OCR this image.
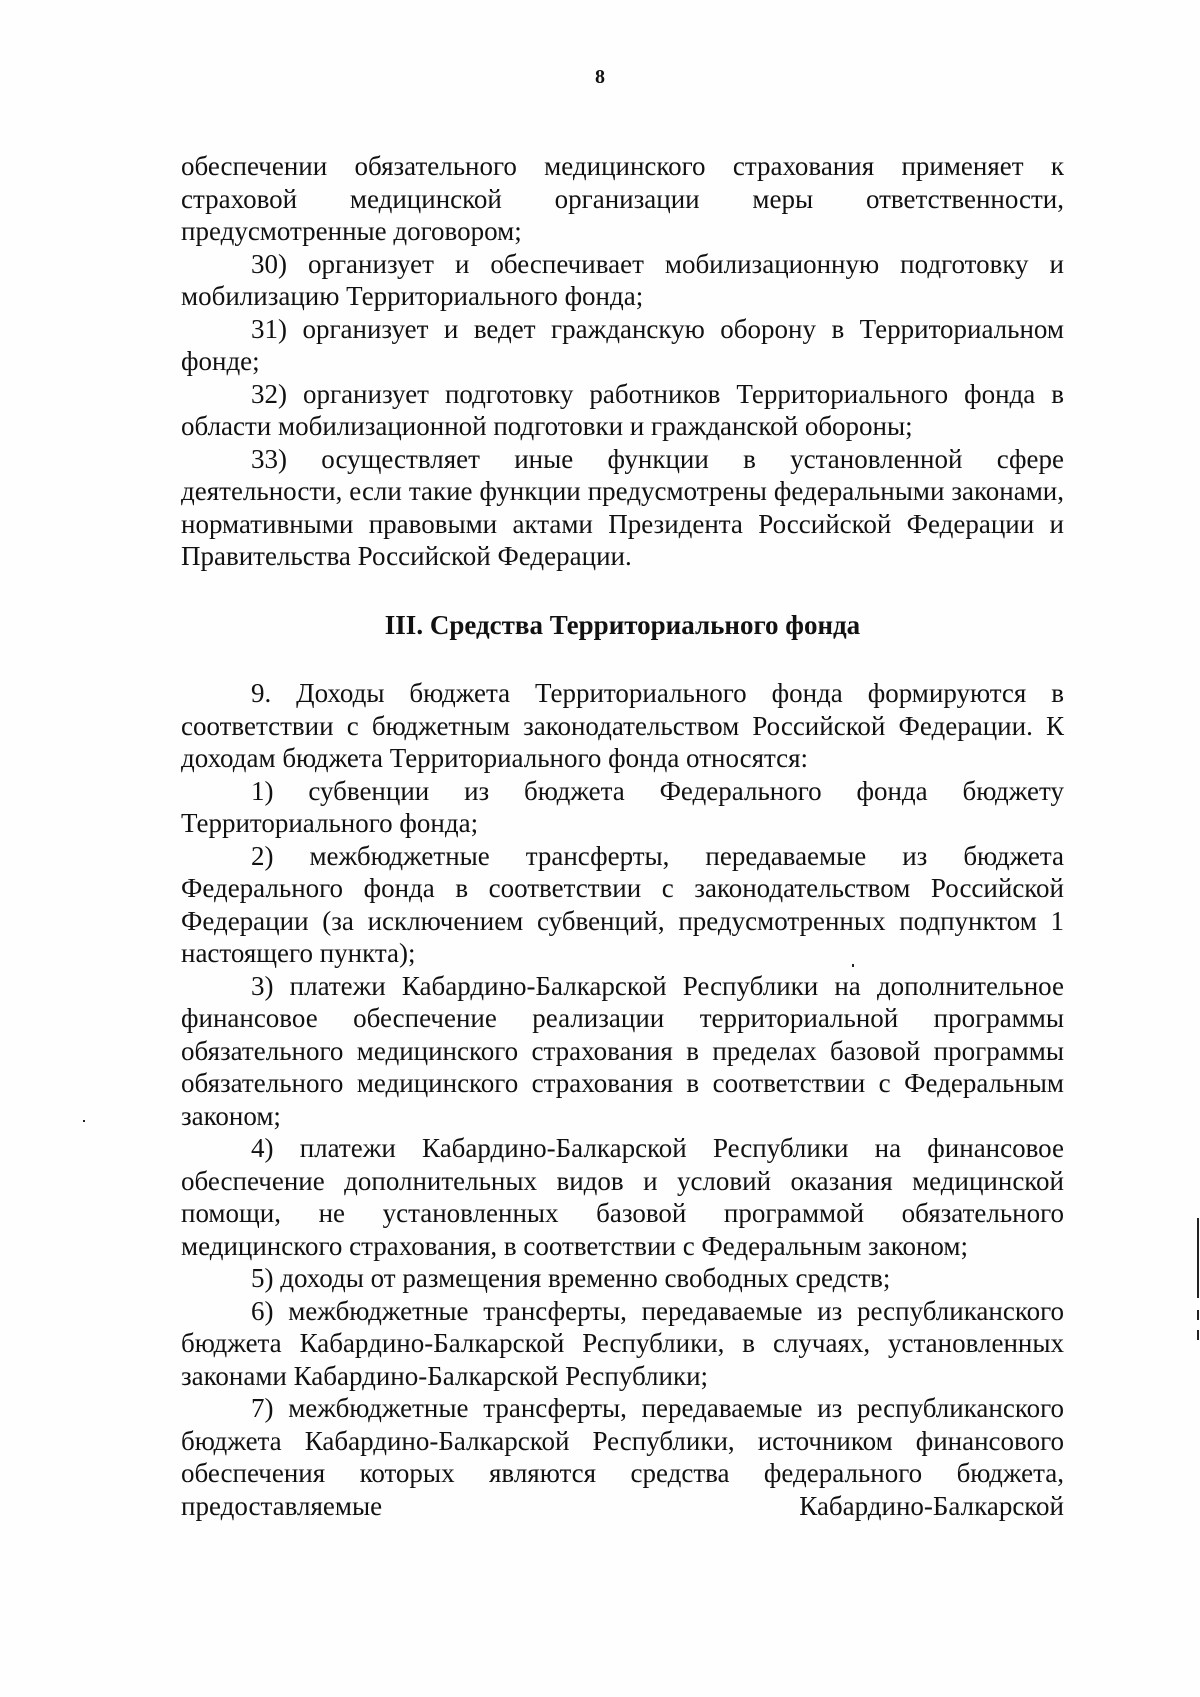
8

обеспечении обязательного медицинского страхования применяет к страховой медицинской организации меры ответственности, предусмотренные договором;

30) организует и обеспечивает мобилизационную подготовку и мобилизацию Территориального фонда;

31) организует и ведет гражданскую оборону в Территориальном фонде;

32) организует подготовку работников Территориального фонда в области мобилизационной подготовки и гражданской обороны;

33) осуществляет иные функции в установленной сфере деятельности, если такие функции предусмотрены федеральными законами, нормативными правовыми актами Президента Российской Федерации и Правительства Российской Федерации.

III. Средства Территориального фонда

9. Доходы бюджета Территориального фонда формируются в соответствии с бюджетным законодательством Российской Федерации. К доходам бюджета Территориального фонда относятся:

1) субвенции из бюджета Федерального фонда бюджету Территориального фонда;

2) межбюджетные трансферты, передаваемые из бюджета Федерального фонда в соответствии с законодательством Российской Федерации (за исключением субвенций, предусмотренных подпунктом 1 настоящего пункта);

3) платежи Кабардино-Балкарской Республики на дополнительное финансовое обеспечение реализации территориальной программы обязательного медицинского страхования в пределах базовой программы обязательного медицинского страхования в соответствии с Федеральным законом;

4) платежи Кабардино-Балкарской Республики на финансовое обеспечение дополнительных видов и условий оказания медицинской помощи, не установленных базовой программой обязательного медицинского страхования, в соответствии с Федеральным законом;

5) доходы от размещения временно свободных средств;

6) межбюджетные трансферты, передаваемые из республиканского бюджета Кабардино-Балкарской Республики, в случаях, установленных законами Кабардино-Балкарской Республики;

7) межбюджетные трансферты, передаваемые из республиканского бюджета Кабардино-Балкарской Республики, источником финансового обеспечения которых являются средства федерального бюджета, предоставляемые Кабардино-Балкарской
